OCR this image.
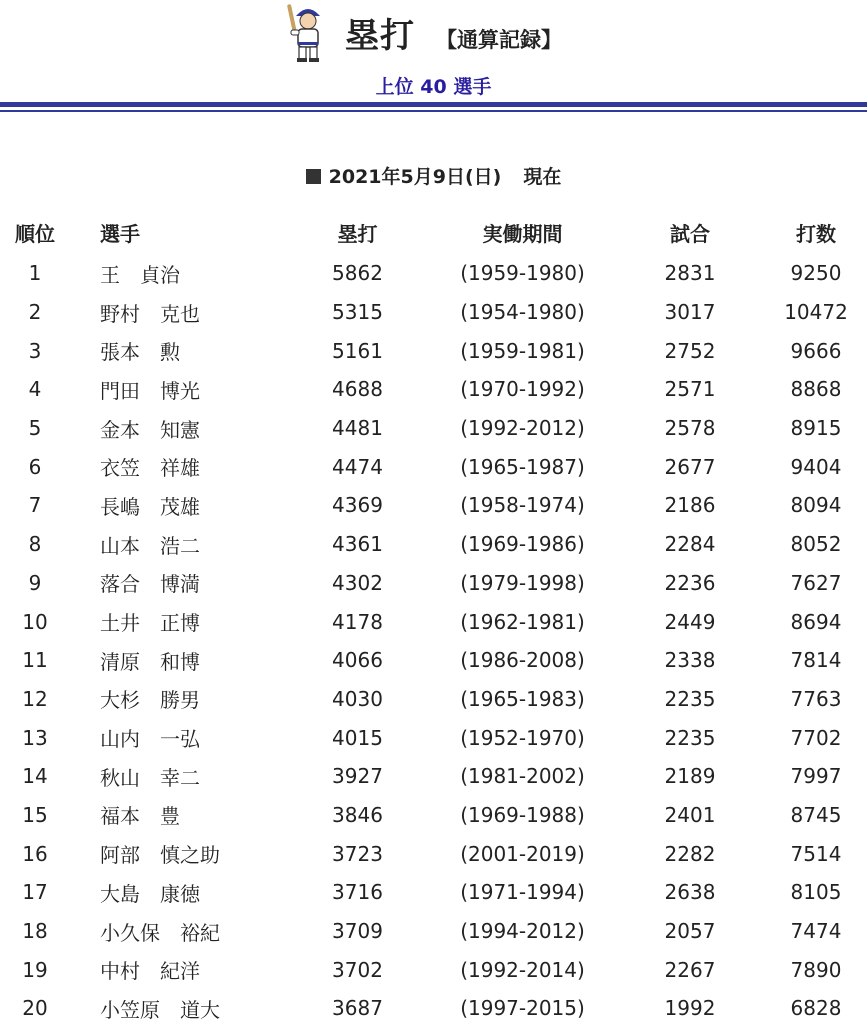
塁打 【通算記録】
上位 40 選手
2021年5月9日(日) 現在
順位	選手	塁打	実働期間	試合	打数
1	王　貞治	5862	(1959-1980)	2831	9250
2	野村　克也	5315	(1954-1980)	3017	10472
3	張本　勲	5161	(1959-1981)	2752	9666
4	門田　博光	4688	(1970-1992)	2571	8868
5	金本　知憲	4481	(1992-2012)	2578	8915
6	衣笠　祥雄	4474	(1965-1987)	2677	9404
7	長嶋　茂雄	4369	(1958-1974)	2186	8094
8	山本　浩二	4361	(1969-1986)	2284	8052
9	落合　博満	4302	(1979-1998)	2236	7627
10	土井　正博	4178	(1962-1981)	2449	8694
11	清原　和博	4066	(1986-2008)	2338	7814
12	大杉　勝男	4030	(1965-1983)	2235	7763
13	山内　一弘	4015	(1952-1970)	2235	7702
14	秋山　幸二	3927	(1981-2002)	2189	7997
15	福本　豊	3846	(1969-1988)	2401	8745
16	阿部　慎之助	3723	(2001-2019)	2282	7514
17	大島　康徳	3716	(1971-1994)	2638	8105
18	小久保　裕紀	3709	(1994-2012)	2057	7474
19	中村　紀洋	3702	(1992-2014)	2267	7890
20	小笠原　道大	3687	(1997-2015)	1992	6828
